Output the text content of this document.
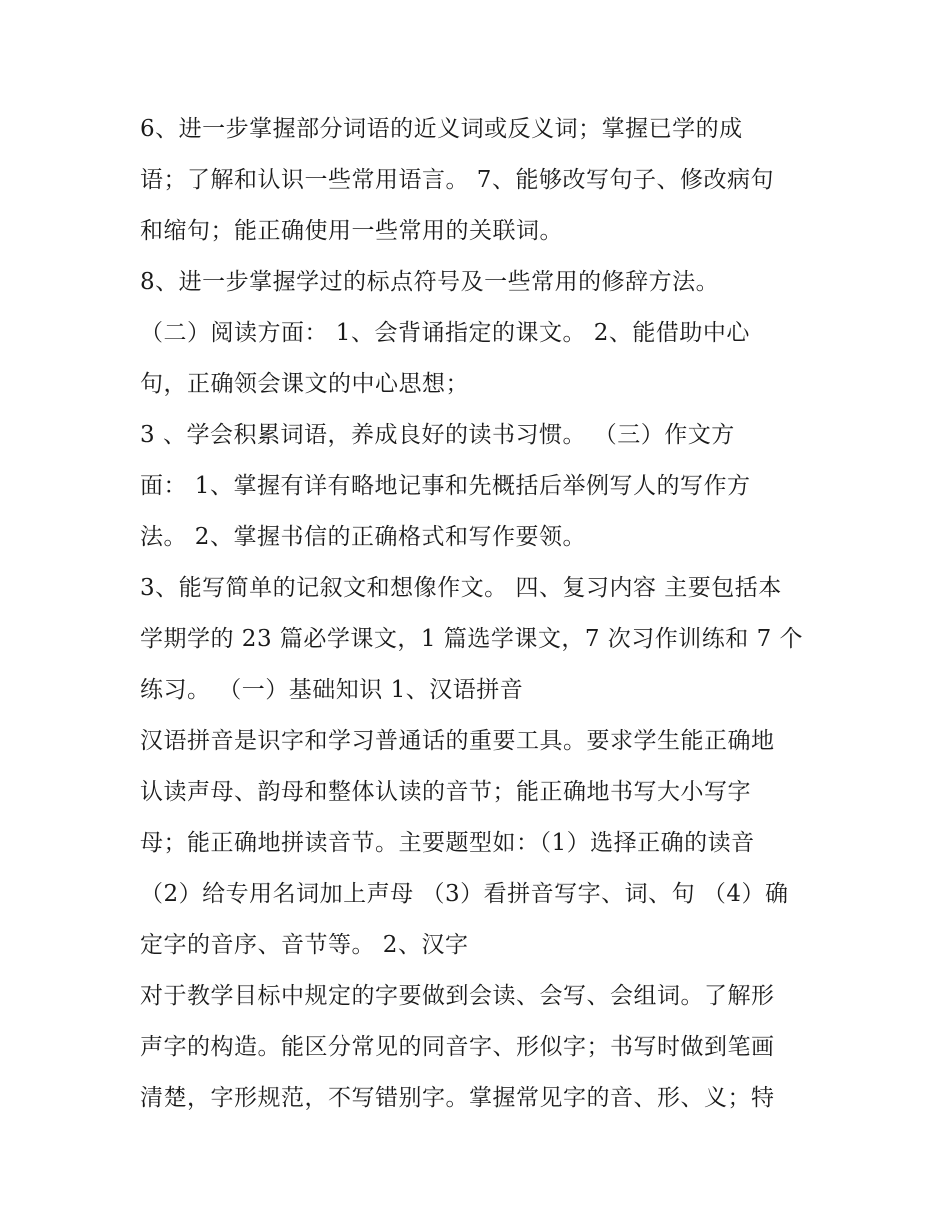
6、进一步掌握部分词语的近义词或反义词；掌握已学的成
语；了解和认识一些常用语言。 7、能够改写句子、修改病句
和缩句；能正确使用一些常用的关联词。
8、进一步掌握学过的标点符号及一些常用的修辞方法。
（二）阅读方面： 1、会背诵指定的课文。 2、能借助中心
句，正确领会课文的中心思想；
3 、学会积累词语，养成良好的读书习惯。 （三）作文方
面： 1、掌握有详有略地记事和先概括后举例写人的写作方
法。 2、掌握书信的正确格式和写作要领。
3、能写简单的记叙文和想像作文。 四、复习内容 主要包括本
学期学的 23 篇必学课文，1 篇选学课文，7 次习作训练和 7 个
练习。 （一）基础知识 1、汉语拼音
汉语拼音是识字和学习普通话的重要工具。要求学生能正确地
认读声母、韵母和整体认读的音节；能正确地书写大小写字
母；能正确地拼读音节。主要题型如：（1）选择正确的读音
（2）给专用名词加上声母 （3）看拼音写字、词、句 （4）确
定字的音序、音节等。 2、汉字
对于教学目标中规定的字要做到会读、会写、会组词。了解形
声字的构造。能区分常见的同音字、形似字；书写时做到笔画
清楚，字形规范，不写错别字。掌握常见字的音、形、义；特
